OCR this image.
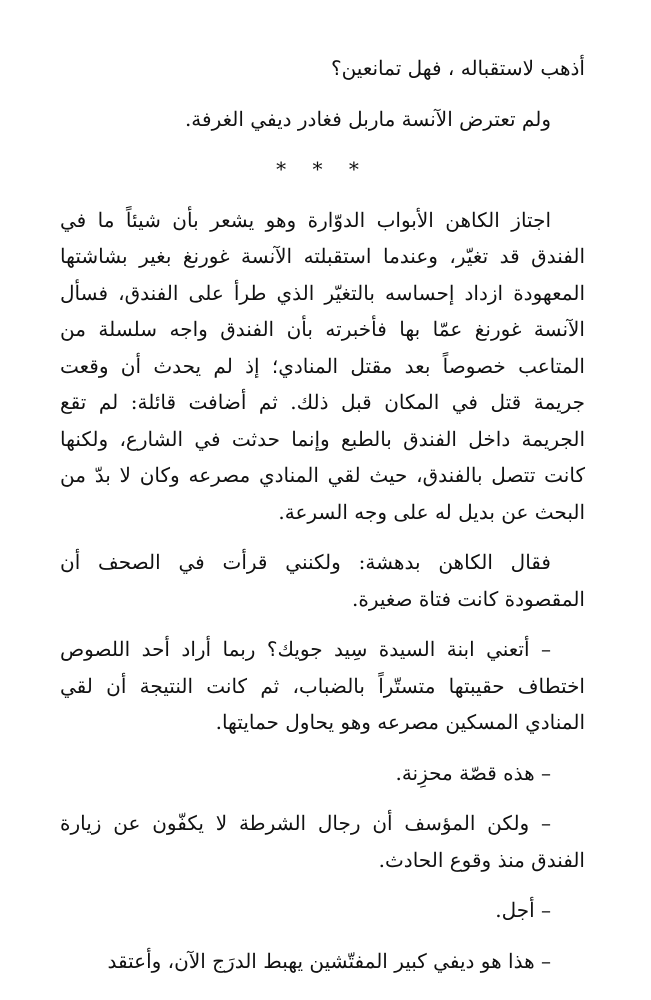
أذهب لاستقباله ، فهل تمانعين؟

ولم تعترض الآنسة ماربل فغادر ديفي الغرفة.

* * *

اجتاز الكاهن الأبواب الدوّارة وهو يشعر بأن شيئاً ما في الفندق قد تغيّر، وعندما استقبلته الآنسة غورنغ بغير بشاشتها المعهودة ازداد إحساسه بالتغيّر الذي طرأ على الفندق، فسأل الآنسة غورنغ عمّا بها فأخبرته بأن الفندق واجه سلسلة من المتاعب خصوصاً بعد مقتل المنادي؛ إذ لم يحدث أن وقعت جريمة قتل في المكان قبل ذلك. ثم أضافت قائلة: لم تقع الجريمة داخل الفندق بالطبع وإنما حدثت في الشارع، ولكنها كانت تتصل بالفندق، حيث لقي المنادي مصرعه وكان لا بدّ من البحث عن بديل له على وجه السرعة.

فقال الكاهن بدهشة: ولكنني قرأت في الصحف أن المقصودة كانت فتاة صغيرة.

– أتعني ابنة السيدة سِيد جويك؟ ربما أراد أحد اللصوص اختطاف حقيبتها متستّراً بالضباب، ثم كانت النتيجة أن لقي المنادي المسكين مصرعه وهو يحاول حمايتها.

– هذه قصّة محزِنة.

– ولكن المؤسف أن رجال الشرطة لا يكفّون عن زيارة الفندق منذ وقوع الحادث.

– أجل.

– هذا هو ديفي كبير المفتّشين يهبط الدرَج الآن، وأعتقد
